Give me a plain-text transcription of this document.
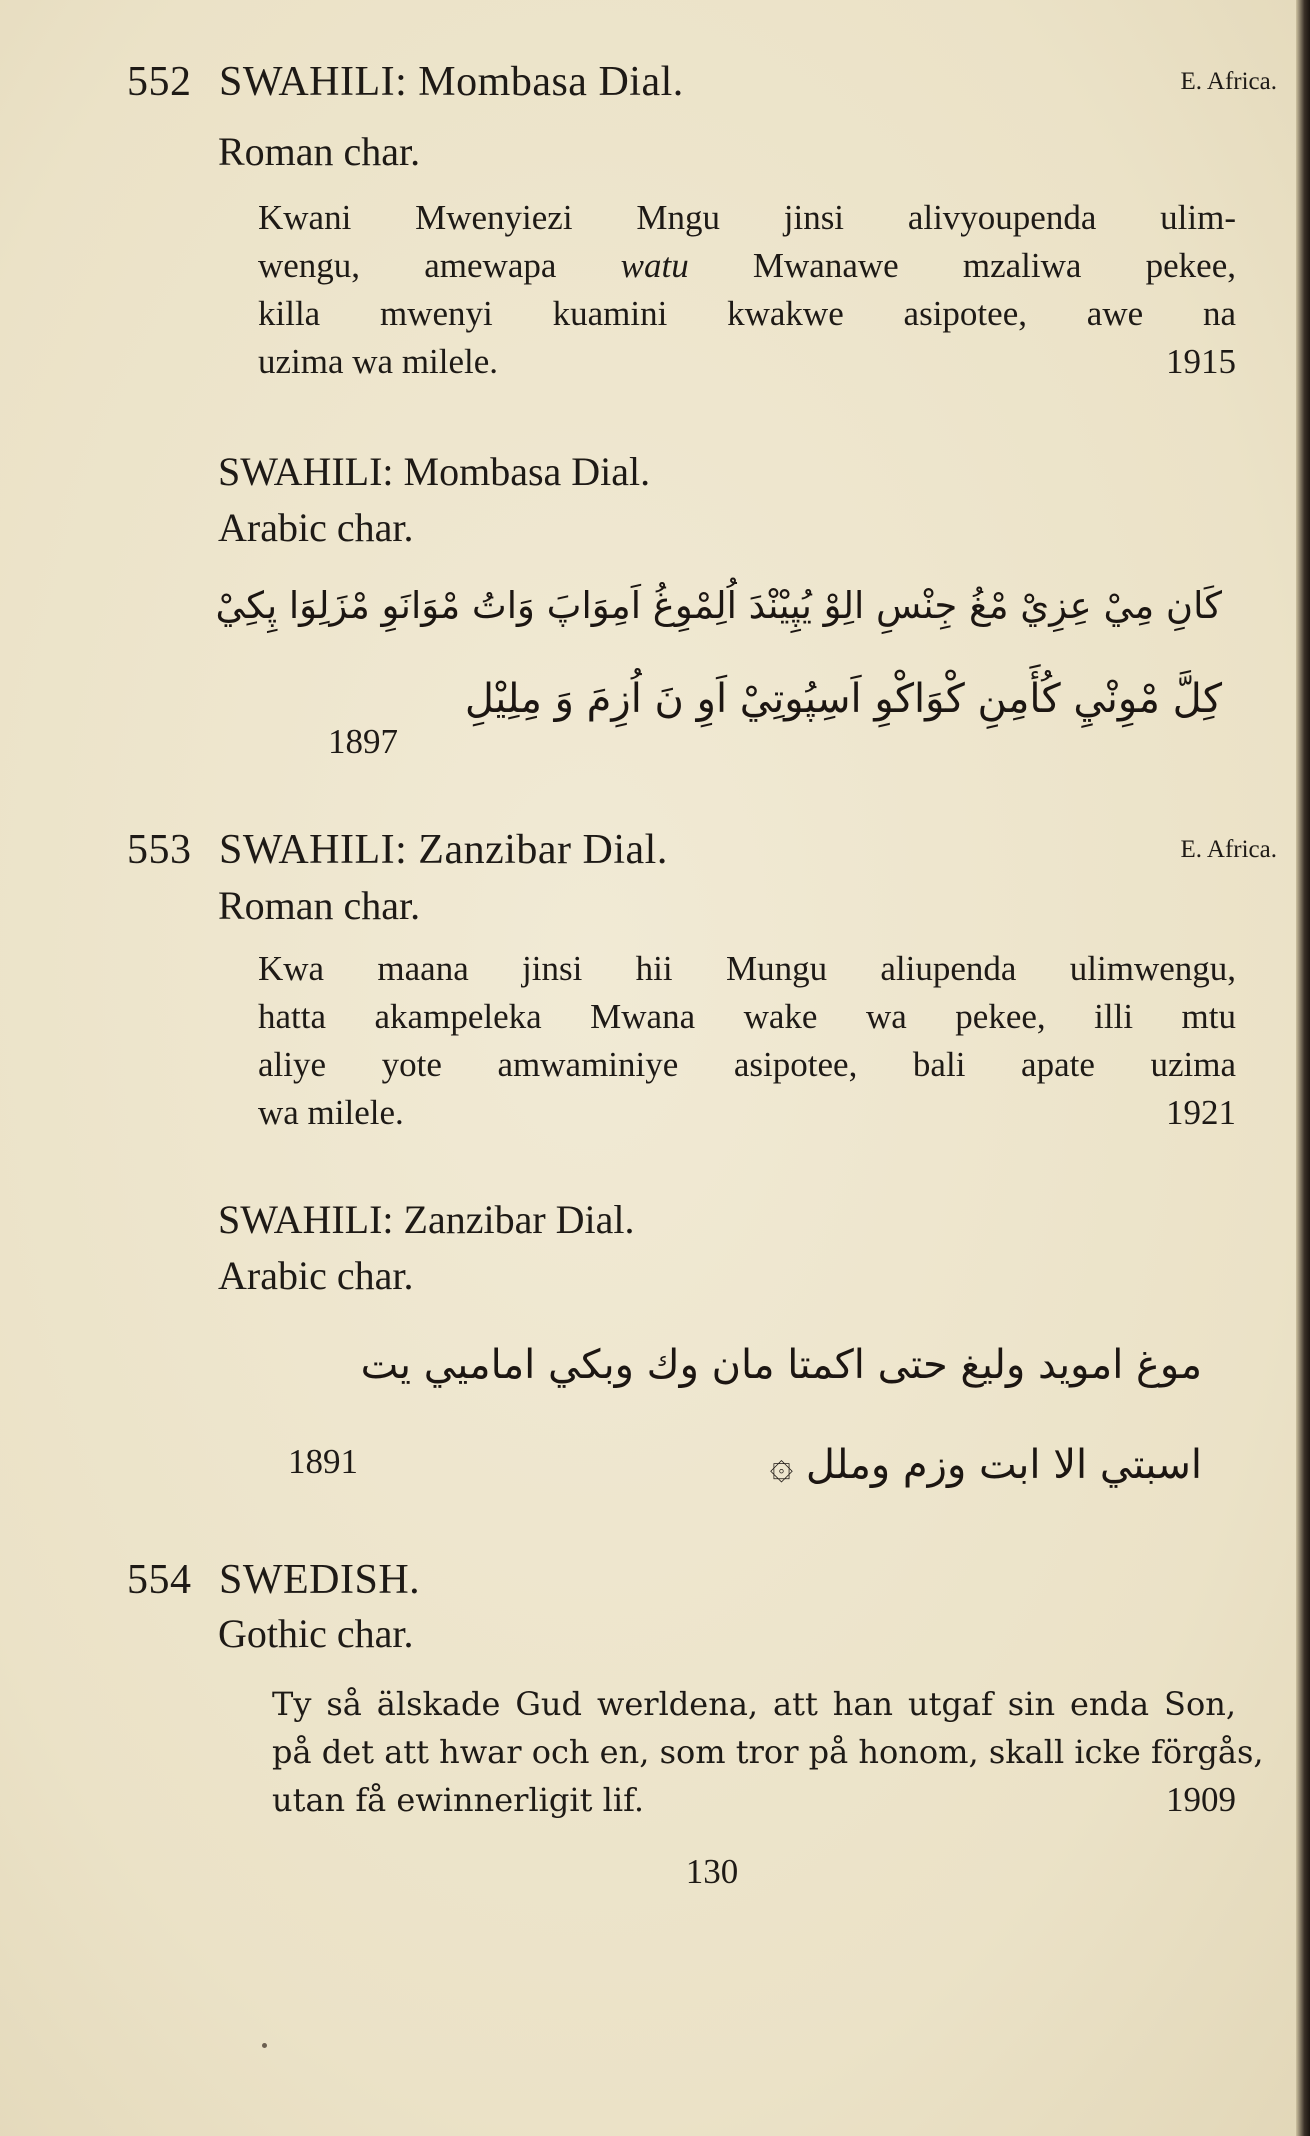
552 SWAHILI: Mombasa Dial.	E. Africa.
Roman char.
Kwani Mwenyiezi Mngu jinsi alivyoupenda ulim-
wengu, amewapa watu Mwanawe mzaliwa pekee,
killa mwenyi kuamini kwakwe asipotee, awe na
uzima wa milele.	1915
SWAHILI: Mombasa Dial.
Arabic char.
كَانِ مِيْ عِزِيْ مْغُ جِنْسِ الِوْ يُپِيْنْدَ اُلِمْوِغُ اَمِوَاپَ وَاتُ مْوَانَوِ مْزَلِوَا پِكِيْ
كِلَّ مْوِنْيِ كُأَمِنِ كْوَاكْوِ اَسِپُوتِيْ اَوِ نَ اُزِمَ وَ مِلِيْلِ
1897
553 SWAHILI: Zanzibar Dial.	E. Africa.
Roman char.
Kwa maana jinsi hii Mungu aliupenda ulimwengu,
hatta akampeleka Mwana wake wa pekee, illi mtu
aliye yote amwaminiye asipotee, bali apate uzima
wa milele.	1921
SWAHILI: Zanzibar Dial.
Arabic char.
موغ امويد وليغ حتى اكمتا مان وك وبكي اماميي يت
اسبتي الا ابت وزم وملل ۞
1891
554 SWEDISH.
Gothic char.
Ty så älskade Gud werldena, att han utgaf sin enda Son,
på det att hwar och en, som tror på honom, skall icke förgås,
utan få ewinnerligit lif.	1909
130
